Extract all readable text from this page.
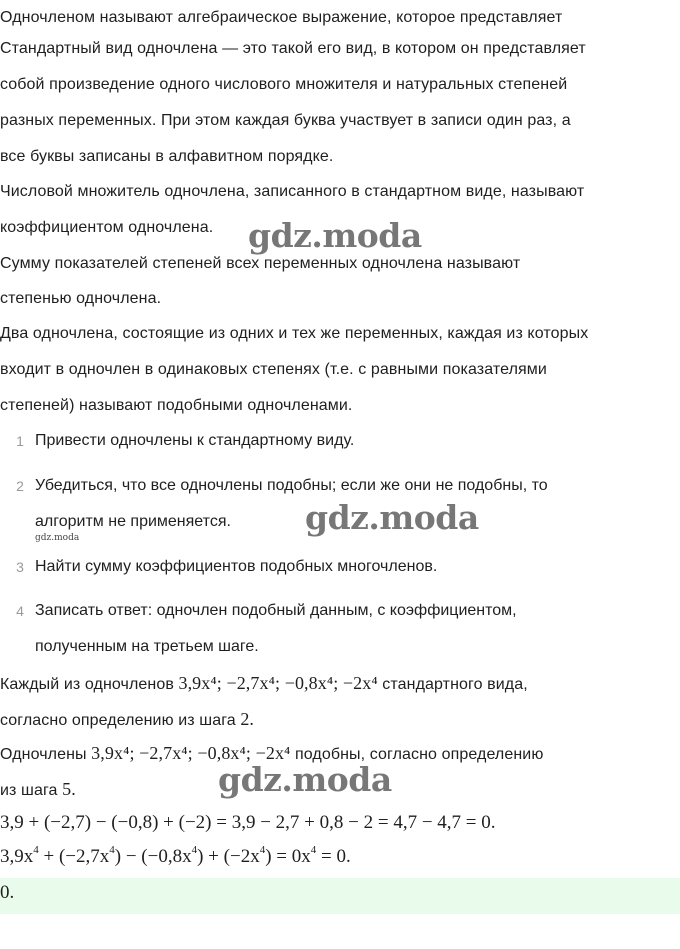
Одночленом называют алгебраическое выражение, которое представляет
Стандартный вид одночлена — это такой его вид, в котором он представляет
собой произведение одного числового множителя и натуральных степеней
разных переменных. При этом каждая буква участвует в записи один раз, а
все буквы записаны в алфавитном порядке.
Числовой множитель одночлена, записанного в стандартном виде, называют
коэффициентом одночлена.
Сумму показателей степеней всех переменных одночлена называют
степенью одночлена.
Два одночлена, состоящие из одних и тех же переменных, каждая из которых
входит в одночлен в одинаковых степенях (т.е. с равными показателями
степеней) называют подобными одночленами.
gdz.moda
1 Привести одночлены к стандартному виду.
2 Убедиться, что все одночлены подобны; если же они не подобны, то
алгоритм не применяется. gdz.moda
gdz.moda
3 Найти сумму коэффициентов подобных многочленов.
4 Записать ответ: одночлен подобный данным, с коэффициентом,
полученным на третьем шаге.
Каждый из одночленов 3,9x⁴; −2,7x⁴; −0,8x⁴; −2x⁴ стандартного вида,
согласно определению из шага 2.
Одночлены 3,9x⁴; −2,7x⁴; −0,8x⁴; −2x⁴ подобны, согласно определению
из шага 5.	gdz.moda
3,9 + (−2,7) − (−0,8) + (−2) = 3,9 − 2,7 + 0,8 − 2 = 4,7 − 4,7 = 0.
$3,9x^4 + (-2,7x^4) - (-0,8x^4) + (-2x^4) = 0x^4 = 0$.
0.
